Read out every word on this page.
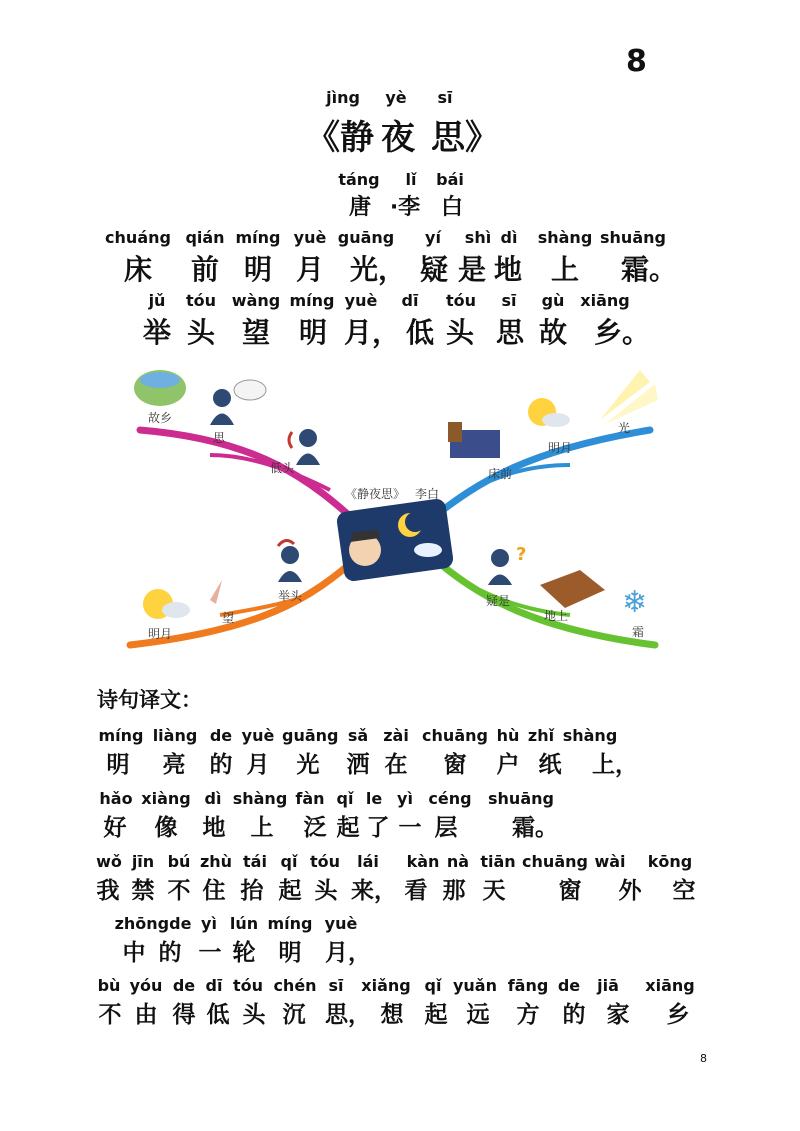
8
jìng	yè	sī
《静 夜 思》
táng	lǐ	bái
唐 ·李 白
chuáng qián míng yuè guāng	yí	shì dì	shàng shuāng
床 前 明 月 光， 疑 是 地 上 霜。
jǔ	tóu wàng míng yuè	dī	tóu	sī	gù xiāng
举 头 望 明 月， 低 头 思 故 乡。
《静夜思》 李白
?
❄
故乡
思
低头	床前
明月
光
明月
望
举头	疑是
地上
霜
诗句译文：
míng liàng de yuè guāng sǎ zài chuāng hù zhǐ shàng
明 亮 的 月 光 洒 在 窗 户 纸	上，
hǎo xiàng dì shàng fàn qǐ le yì céng shuāng
好 像 地 上 泛 起 了 一 层	霜。
wǒ jīn bú zhù tái qǐ tóu	lái	kàn nà tiān chuāng wài	kōng
我 禁 不 住 抬 起 头 来， 看 那 天 窗 外 空
zhōngde yì lún míng yuè
中 的 一 轮 明	月，
bù yóu de dī tóu chén sī	xiǎng qǐ yuǎn fāng de	jiā	xiāng
不 由 得 低 头 沉 思， 想 起 远 方 的 家 乡
8
